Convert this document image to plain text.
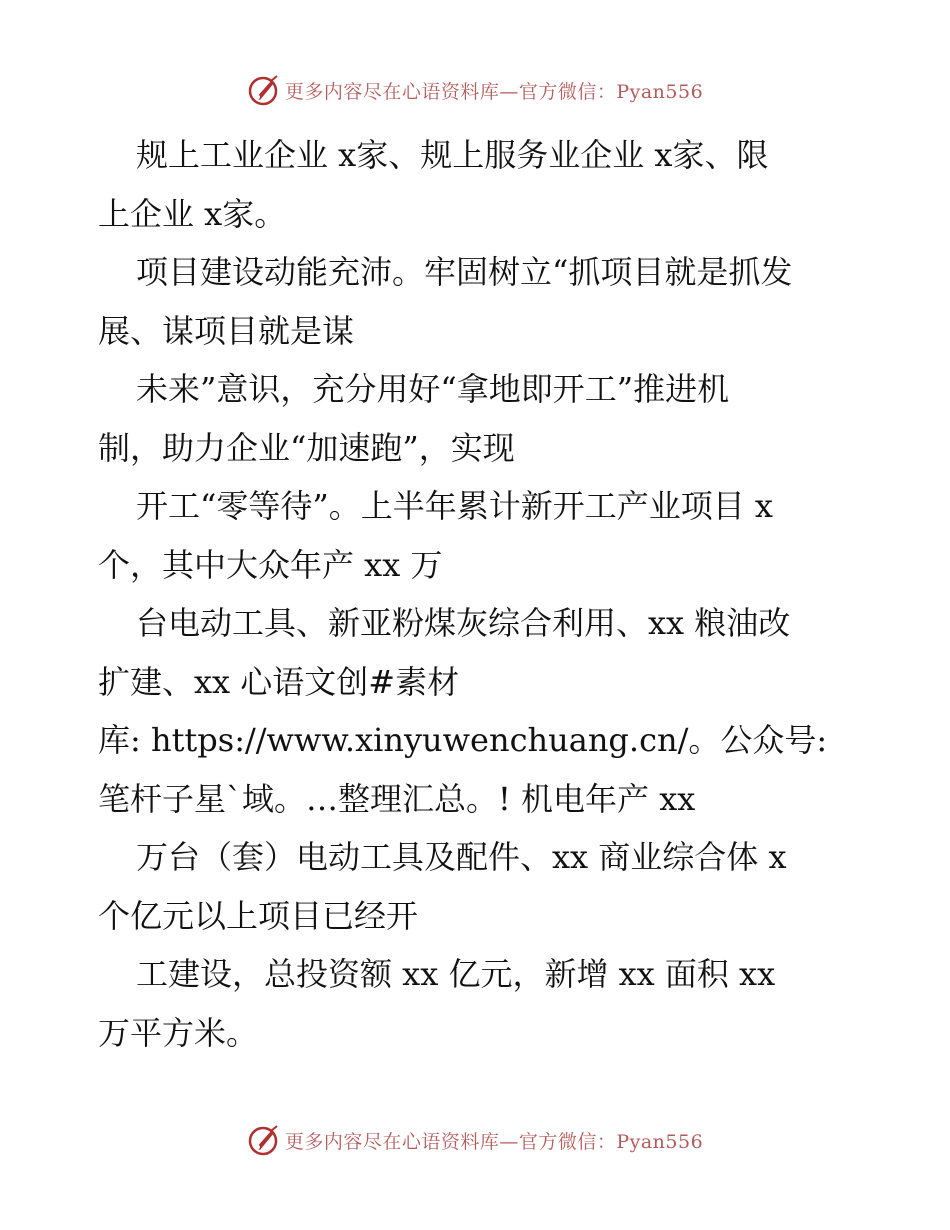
更多内容尽在心语资料库—官方微信：Pyan556
规上工业企业 x家、规上服务业企业 x家、限
上企业 x家。
项目建设动能充沛。牢固树立“抓项目就是抓发
展、谋项目就是谋
未来”意识，充分用好“拿地即开工”推进机
制，助力企业“加速跑”，实现
开工“零等待”。上半年累计新开工产业项目 x
个，其中大众年产 xx 万
台电动工具、新亚粉煤灰综合利用、xx 粮油改
扩建、xx 心语文创#素材
库: https://www.xinyuwenchuang.cn/。公众号:
笔杆子星`域。…整理汇总。! 机电年产 xx
万台（套）电动工具及配件、xx 商业综合体 x
个亿元以上项目已经开
工建设，总投资额 xx 亿元，新增 xx 面积 xx
万平方米。
更多内容尽在心语资料库—官方微信：Pyan556
